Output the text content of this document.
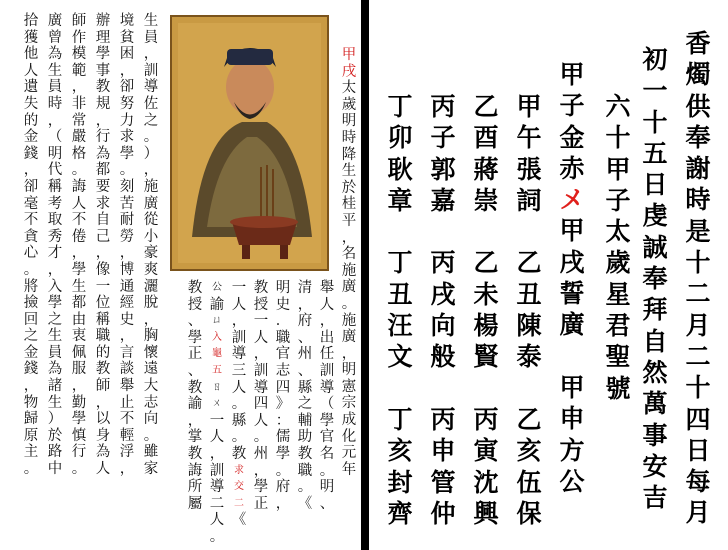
甲
戌
太
歲
明
時
降
生
於
桂
平
，
名
施
廣
。
施
廣
，
明
憲
宗
成
化
元
年
舉
人
，
出
任
訓
導
（
學
官
名
。
明
、
清
，
府
、
州
、
縣
之
輔
助
教
職
。
《
明
史
．
職
官
志
四
》
：
儒
學
。
府
，
教
授
一
人
，
訓
導
四
人
。
州
，
學
正
一
人
，
訓
導
三
人
。
縣
。
教
求
交
二
《
公
諭
ㄩ
入
龜
五
ㄖ
ㄨ
一
人
，
訓
導
二
人
。
教
授
、
學
正
、
教
諭
，
掌
教
誨
所
屬
生
員
，
訓
導
佐
之
。
）
，
施
廣
從
小
豪
爽
灑
脫
，
胸
懷
遠
大
志
向
。
雖
家
境
貧
困
，
卻
努
力
求
學
。
刻
苦
耐
勞
，
博
通
經
史
，
言
談
舉
止
不
輕
浮
，
辦
理
學
事
教
規
，
行
為
都
要
求
自
己
，
像
一
位
稱
職
的
教
師
，
以
身
為
人
師
作
模
範
，
非
常
嚴
格
。
誨
人
不
倦
，
學
生
都
由
衷
佩
服
，
勤
學
慎
行
。
廣
曾
為
生
員
時
，
（
明
代
稱
考
取
秀
才
，
入
學
之
生
員
為
諸
生
）
於
路
中
拾
獲
他
人
遺
失
的
金
錢
，
卻
毫
不
貪
心
。
將
撿
回
之
金
錢
，
物
歸
原
主
。
香
燭
供
奉
謝
時
是
十
二
月
二
十
四
日
每
月
初
一
十
五
日
虔
誠
奉
拜
自
然
萬
事
安
吉
六
十
甲
子
太
歲
星
君
聖
號
甲
子
金
赤
メ
甲
戌
誓
廣

甲
申
方
公
甲
午
張
詞

乙
丑
陳
泰

乙
亥
伍
保
乙
酉
蔣
崇

乙
未
楊
賢

丙
寅
沈
興
丙
子
郭
嘉

丙
戌
向
般

丙
申
管
仲
丁
卯
耿
章

丁
丑
汪
文

丁
亥
封
齊
